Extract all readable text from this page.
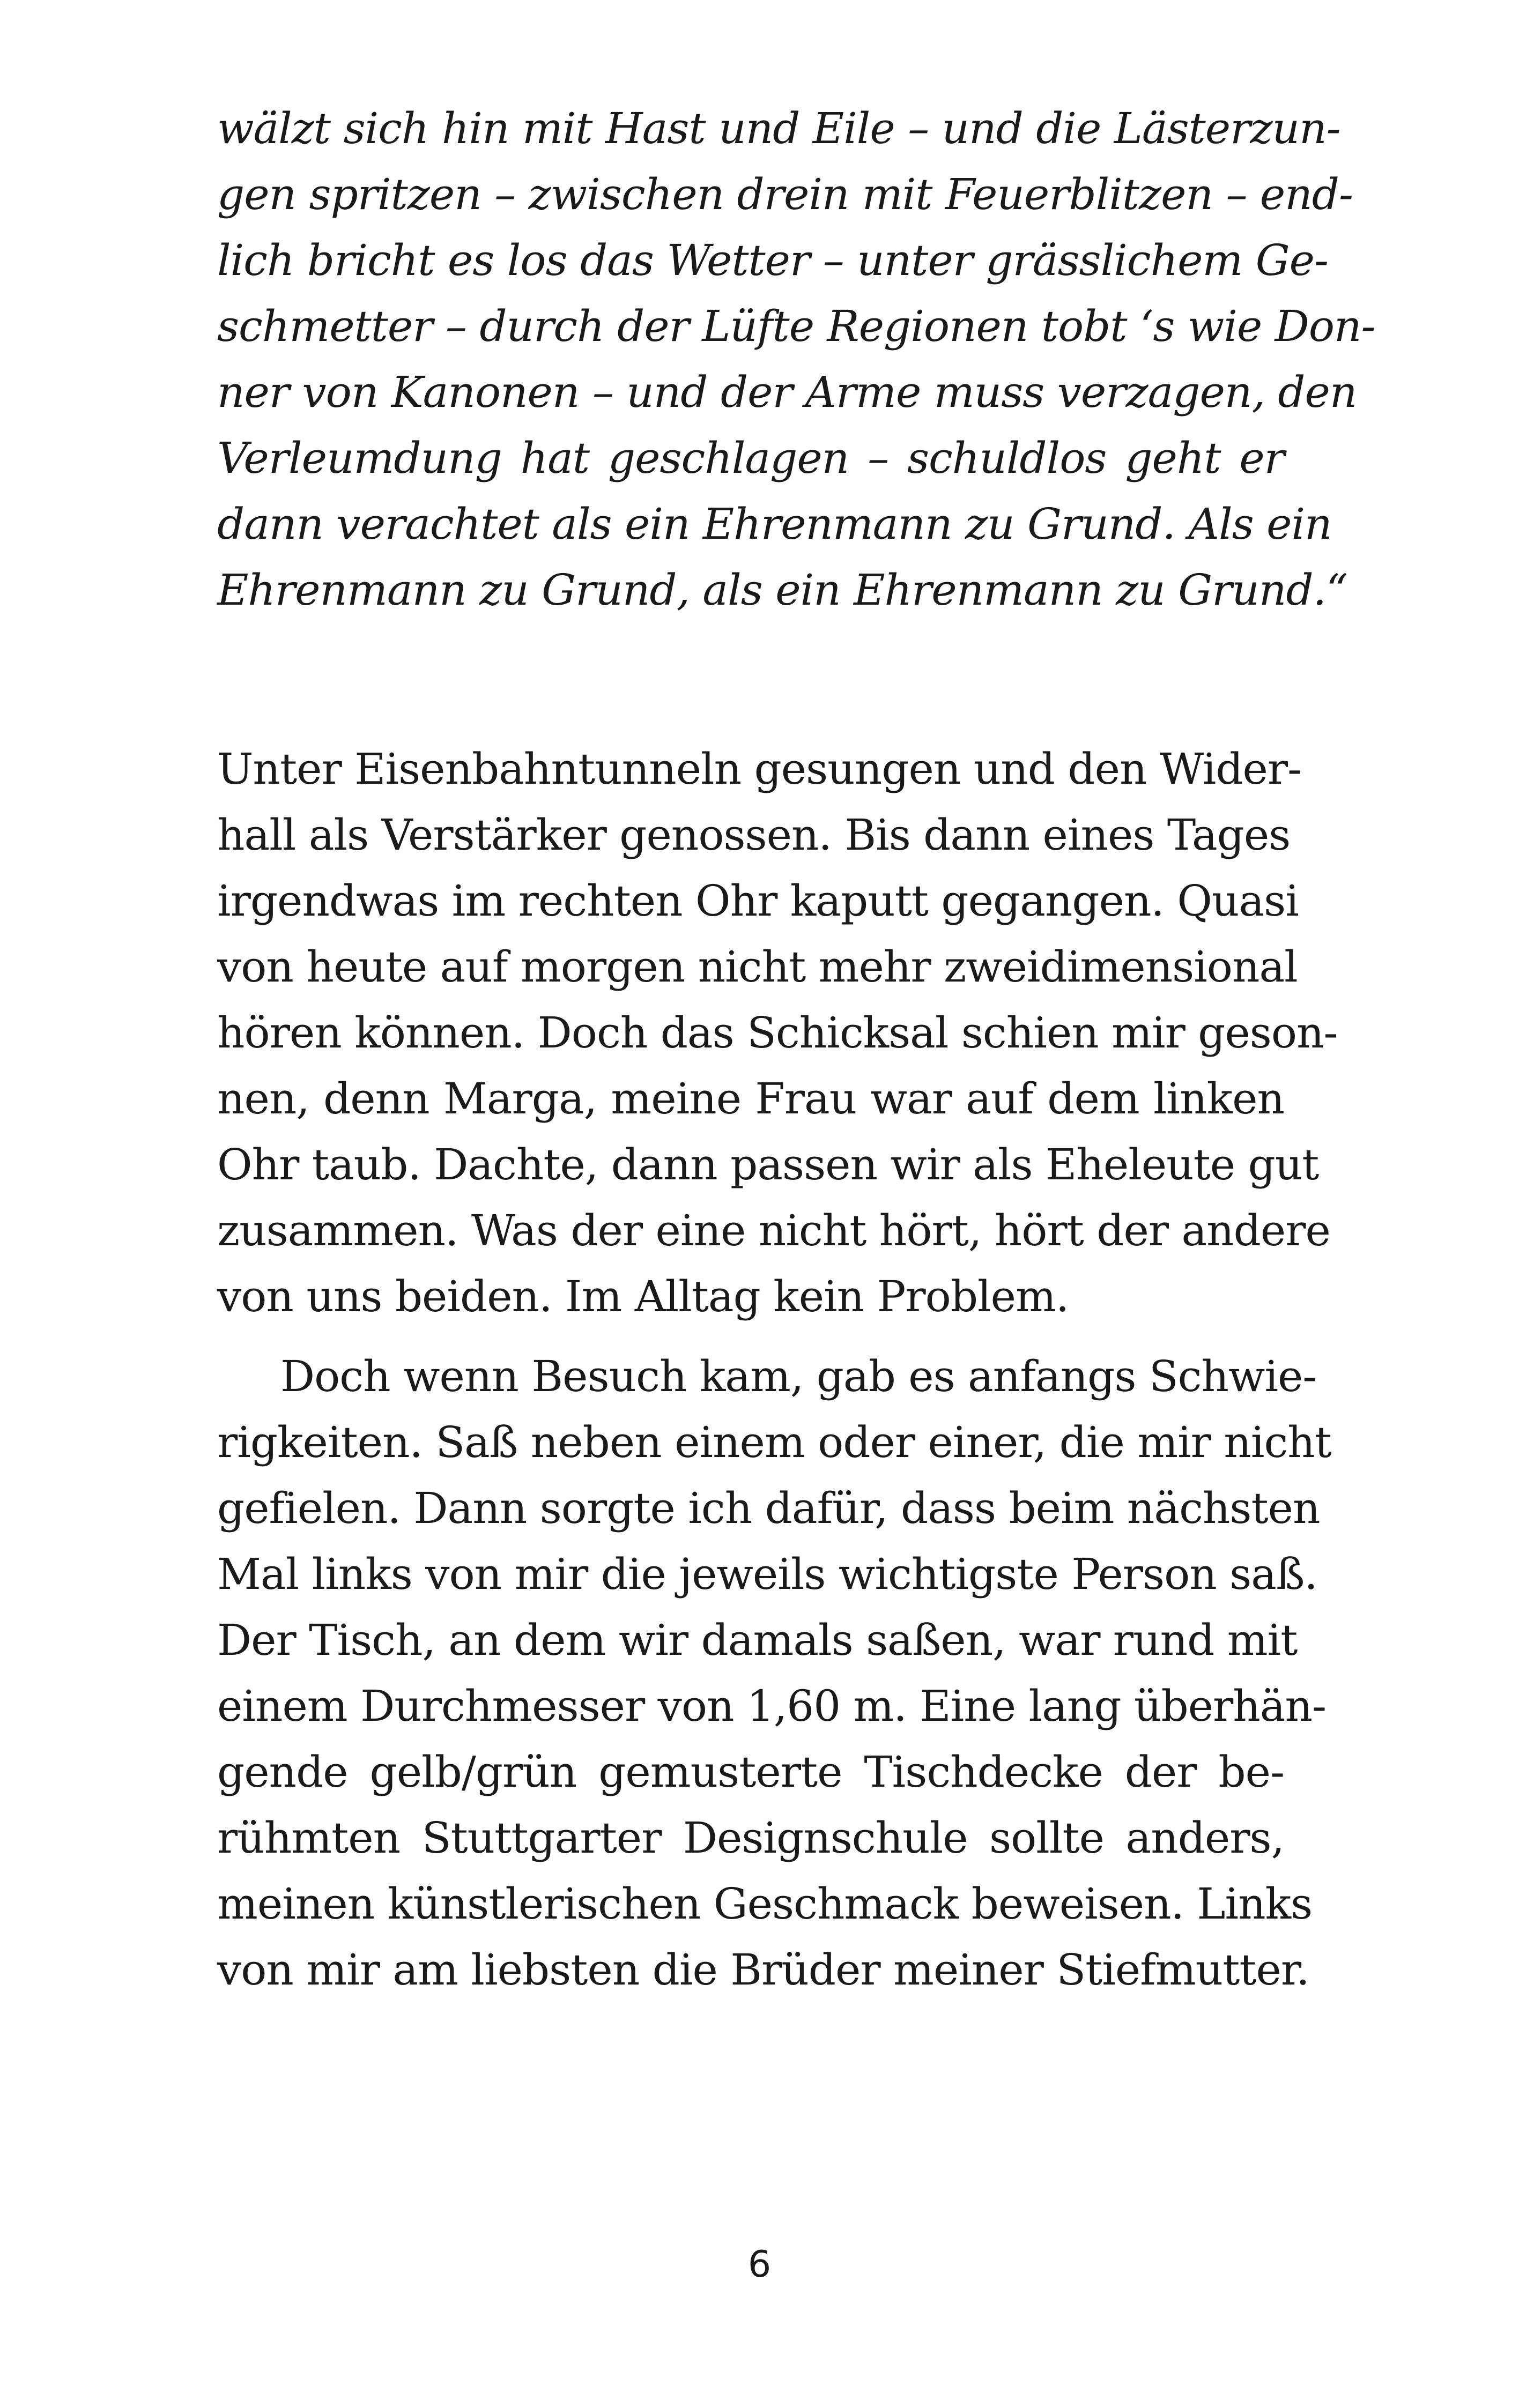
wälzt sich hin mit Hast und Eile – und die Lästerzun-
gen spritzen – zwischen drein mit Feuerblitzen – end-
lich bricht es los das Wetter – unter grässlichem Ge-
schmetter – durch der Lüfte Regionen tobt ‘s wie Don-
ner von Kanonen – und der Arme muss verzagen, den
Verleumdung hat geschlagen – schuldlos geht er
dann verachtet als ein Ehrenmann zu Grund. Als ein
Ehrenmann zu Grund, als ein Ehrenmann zu Grund.“
Unter Eisenbahntunneln gesungen und den Wider-
hall als Verstärker genossen. Bis dann eines Tages
irgendwas im rechten Ohr kaputt gegangen. Quasi
von heute auf morgen nicht mehr zweidimensional
hören können. Doch das Schicksal schien mir geson-
nen, denn Marga, meine Frau war auf dem linken
Ohr taub. Dachte, dann passen wir als Eheleute gut
zusammen. Was der eine nicht hört, hört der andere
von uns beiden. Im Alltag kein Problem.
Doch wenn Besuch kam, gab es anfangs Schwie-
rigkeiten. Saß neben einem oder einer, die mir nicht
gefielen. Dann sorgte ich dafür, dass beim nächsten
Mal links von mir die jeweils wichtigste Person saß.
Der Tisch, an dem wir damals saßen, war rund mit
einem Durchmesser von 1,60 m. Eine lang überhän-
gende gelb/grün gemusterte Tischdecke der be-
rühmten Stuttgarter Designschule sollte anders,
meinen künstlerischen Geschmack beweisen. Links
von mir am liebsten die Brüder meiner Stiefmutter.
6
